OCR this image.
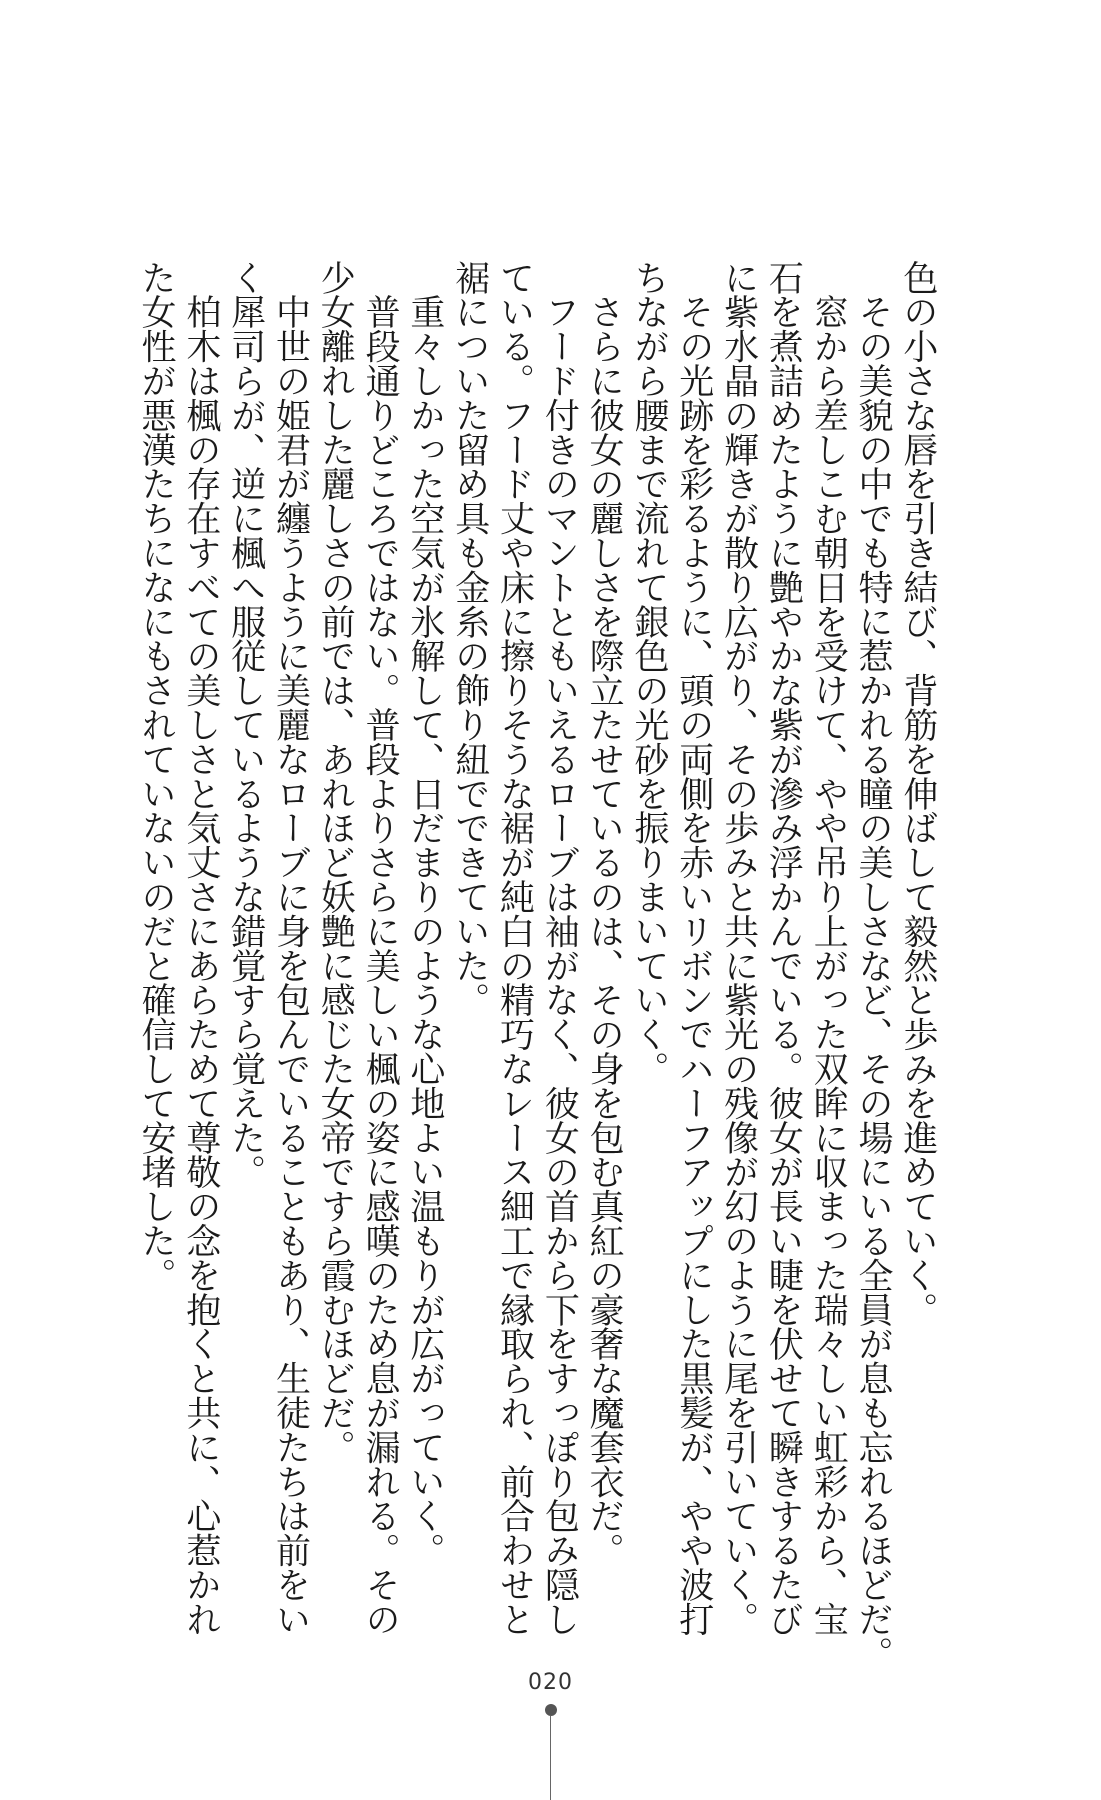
色の小さな唇を引き結び、背筋を伸ばして毅然と歩みを進めていく。
　その美貌の中でも特に惹かれる瞳の美しさなど、その場にいる全員が息も忘れるほどだ。
　窓から差しこむ朝日を受けて、やや吊り上がった双眸に収まった瑞々しい虹彩から、宝
石を煮詰めたように艶やかな紫が滲み浮かんでいる。彼女が長い睫を伏せて瞬きするたび
に紫水晶の輝きが散り広がり、その歩みと共に紫光の残像が幻のように尾を引いていく。
　その光跡を彩るように、頭の両側を赤いリボンでハーフアップにした黒髪が、やや波打
ちながら腰まで流れて銀色の光砂を振りまいていく。
　さらに彼女の麗しさを際立たせているのは、その身を包む真紅の豪奢な魔套衣だ。
　フード付きのマントともいえるローブは袖がなく、彼女の首から下をすっぽり包み隠し
ている。フード丈や床に擦りそうな裾が純白の精巧なレース細工で縁取られ、前合わせと
裾についた留め具も金糸の飾り紐でできていた。
　重々しかった空気が氷解して、日だまりのような心地よい温もりが広がっていく。
　普段通りどころではない。普段よりさらに美しい楓の姿に感嘆のため息が漏れる。その
少女離れした麗しさの前では、あれほど妖艶に感じた女帝ですら霞むほどだ。
　中世の姫君が纏うように美麗なローブに身を包んでいることもあり、生徒たちは前をい
く犀司らが、逆に楓へ服従しているような錯覚すら覚えた。
　柏木は楓の存在すべての美しさと気丈さにあらためて尊敬の念を抱くと共に、心惹かれ
た女性が悪漢たちになにもされていないのだと確信して安堵した。
020
